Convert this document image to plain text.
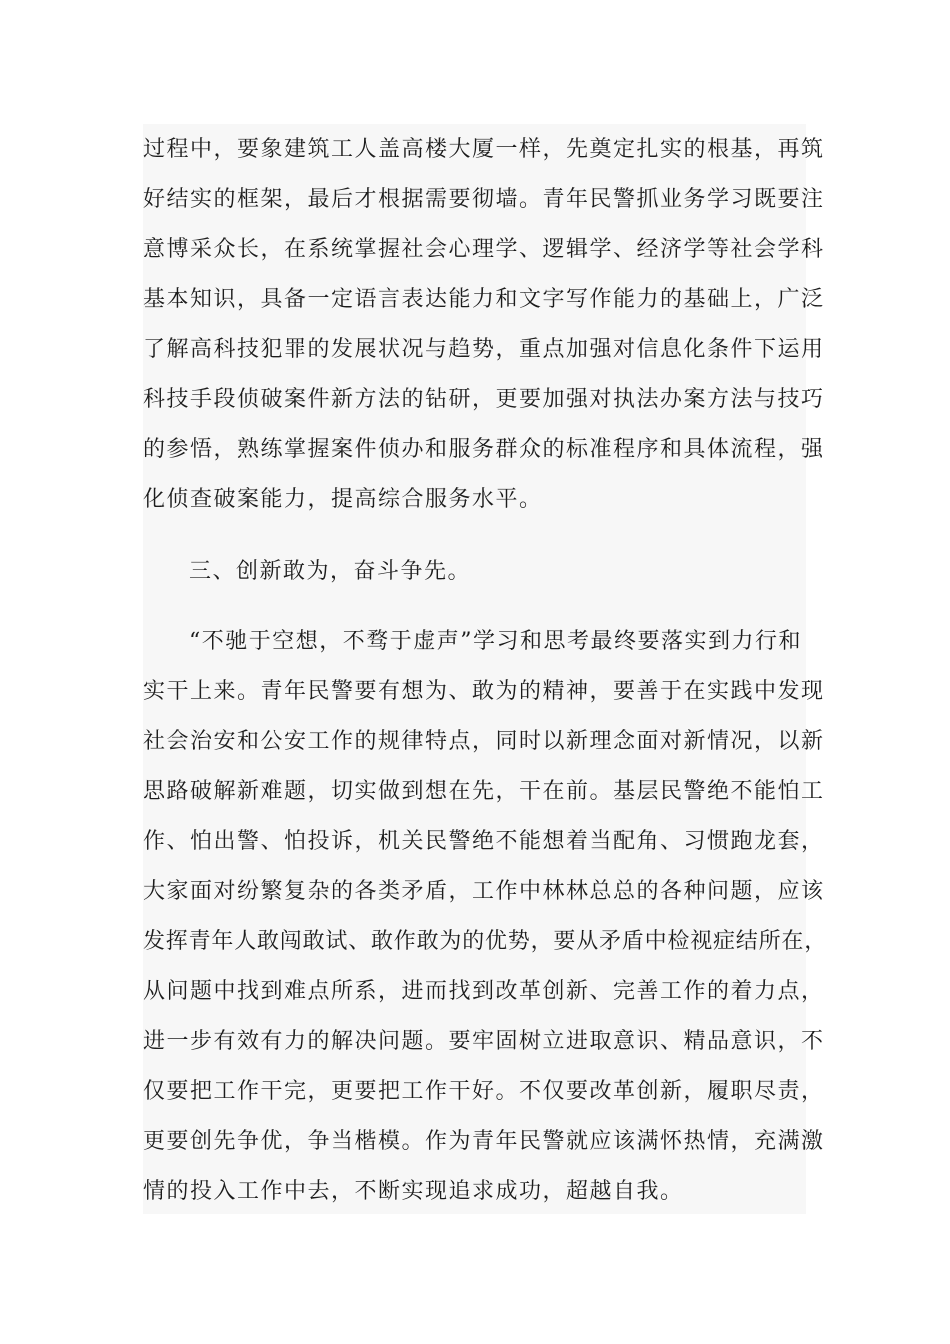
过程中，要象建筑工人盖高楼大厦一样，先奠定扎实的根基，再筑
好结实的框架，最后才根据需要彻墙。青年民警抓业务学习既要注
意博采众长，在系统掌握社会心理学、逻辑学、经济学等社会学科
基本知识，具备一定语言表达能力和文字写作能力的基础上，广泛
了解高科技犯罪的发展状况与趋势，重点加强对信息化条件下运用
科技手段侦破案件新方法的钻研，更要加强对执法办案方法与技巧
的参悟，熟练掌握案件侦办和服务群众的标准程序和具体流程，强
化侦查破案能力，提高综合服务水平。
三、创新敢为，奋斗争先。
“不驰于空想，不骛于虚声”学习和思考最终要落实到力行和
实干上来。青年民警要有想为、敢为的精神，要善于在实践中发现
社会治安和公安工作的规律特点，同时以新理念面对新情况，以新
思路破解新难题，切实做到想在先，干在前。基层民警绝不能怕工
作、怕出警、怕投诉，机关民警绝不能想着当配角、习惯跑龙套，
大家面对纷繁复杂的各类矛盾，工作中林林总总的各种问题，应该
发挥青年人敢闯敢试、敢作敢为的优势，要从矛盾中检视症结所在，
从问题中找到难点所系，进而找到改革创新、完善工作的着力点，
进一步有效有力的解决问题。要牢固树立进取意识、精品意识，不
仅要把工作干完，更要把工作干好。不仅要改革创新，履职尽责，
更要创先争优，争当楷模。作为青年民警就应该满怀热情，充满激
情的投入工作中去，不断实现追求成功，超越自我。
